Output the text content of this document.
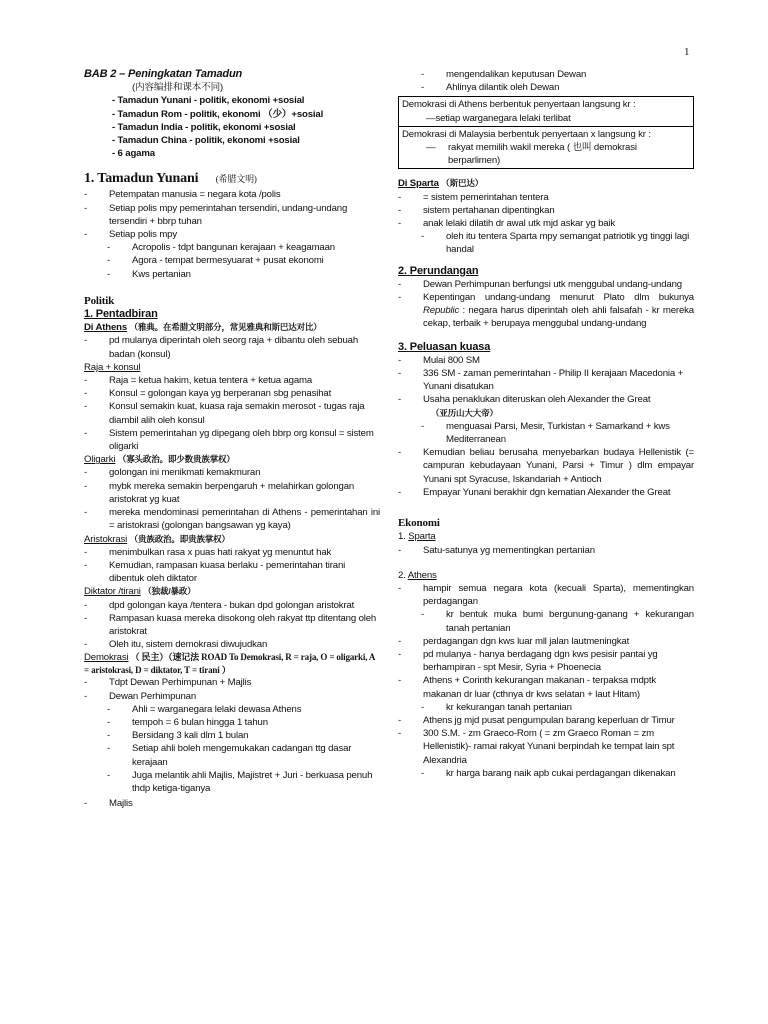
1
BAB 2 – Peningkatan Tamadun
(内容编排和课本不同)
- Tamadun Yunani - politik, ekonomi +sosial
- Tamadun Rom - politik, ekonomi （少）+sosial
- Tamadun India - politik, ekonomi +sosial
- Tamadun China - politik, ekonomi +sosial
- 6 agama
1. Tamadun Yunani (希腊文明)
- Petempatan manusia = negara kota /polis
- Setiap polis mpy pemerintahan tersendiri, undang-undang tersendiri + bbrp tuhan
- Setiap polis mpy
- Acropolis - tdpt bangunan kerajaan + keagamaan
- Agora - tempat bermesyuarat + pusat ekonomi
- Kws pertanian
Politik
1. Pentadbiran
Di Athens （雅典。在希腊文明部分，常见雅典和斯巴达对比）
- pd mulanya diperintah oleh seorg raja + dibantu oleh sebuah badan (konsul)
Raja + konsul
- Raja = ketua hakim, ketua tentera + ketua agama
- Konsul = golongan kaya yg berperanan sbg penasihat
- Konsul semakin kuat, kuasa raja semakin merosot - tugas raja diambil alih oleh konsul
- Sistem pemerintahan yg dipegang oleh bbrp org konsul = sistem oligarki
Oligarki （寡头政治。即少数贵族掌权）
- golongan ini menikmati kemakmuran
- mybk mereka semakin berpengaruh + melahirkan golongan aristokrat yg kuat
- mereka mendominasi pemerintahan di Athens - pemerintahan ini = aristokrasi (golongan bangsawan yg kaya)
Aristokrasi （贵族政治。即贵族掌权）
- menimbulkan rasa x puas hati rakyat yg menuntut hak
- Kemudian, rampasan kuasa berlaku - pemerintahan tirani dibentuk oleh diktator
Diktator /tirani （独裁/暴政）
- dpd golongan kaya /tentera - bukan dpd golongan aristokrat
- Rampasan kuasa mereka disokong oleh rakyat ttp ditentang oleh aristokrat
- Oleh itu, sistem demokrasi diwujudkan
Demokrasi （ 民主）（速记法 ROAD To Demokrasi, R = raja, O = oligarki, A = aristokrasi, D = diktator, T = tirani ）
- Tdpt Dewan Perhimpunan + Majlis
- Dewan Perhimpunan
- Ahli = warganegara lelaki dewasa Athens
- tempoh = 6 bulan hingga 1 tahun
- Bersidang 3 kali dlm 1 bulan
- Setiap ahli boleh mengemukakan cadangan ttg dasar kerajaan
- Juga melantik ahli Majlis, Majistret + Juri - berkuasa penuh thdp ketiga-tiganya
- Majlis
- mengendalikan keputusan Dewan
- Ahlinya dilantik oleh Dewan
Demokrasi di Athens berbentuk penyertaan langsung kr :
—setiap warganegara lelaki terlibat
Demokrasi di Malaysia berbentuk penyertaan x langsung kr :
— rakyat memilih wakil mereka ( 也叫 demokrasi berparlimen)
Di Sparta （斯巴达）
- = sistem pemerintahan tentera
- sistem pertahanan dipentingkan
- anak lelaki dilatih dr awal utk mjd askar yg baik
- oleh itu tentera Sparta mpy semangat patriotik yg tinggi lagi handal
2. Perundangan
- Dewan Perhimpunan berfungsi utk menggubal undang-undang
- Kepentingan undang-undang menurut Plato dlm bukunya Republic : negara harus diperintah oleh ahli falsafah - kr mereka cekap, terbaik + berupaya menggubal undang-undang
3. Peluasan kuasa
- Mulai 800 SM
- 336 SM - zaman pemerintahan - Philip II kerajaan Macedonia + Yunani disatukan
- Usaha penaklukan diteruskan oleh Alexander the Great
（亚历山大大帝）
- menguasai Parsi, Mesir, Turkistan + Samarkand + kws Mediterranean
- Kemudian beliau berusaha menyebarkan budaya Hellenistik (= campuran kebudayaan Yunani, Parsi + Timur ) dlm empayar Yunani spt Syracuse, Iskandariah + Antioch
- Empayar Yunani berakhir dgn kematian Alexander the Great
Ekonomi
1. Sparta
- Satu-satunya yg mementingkan pertanian
2. Athens
- hampir semua negara kota (kecuali Sparta), mementingkan perdagangan
- kr bentuk muka bumi bergunung-ganang + kekurangan tanah pertanian
- perdagangan dgn kws luar mll jalan lautmeningkat
- pd mulanya - hanya berdagang dgn kws pesisir pantai yg berhampiran - spt Mesir, Syria + Phoenecia
- Athens + Corinth kekurangan makanan - terpaksa mdptk makanan dr luar (cthnya dr kws selatan + laut Hitam)
- kr kekurangan tanah pertanian
- Athens jg mjd pusat pengumpulan barang keperluan dr Timur
- 300 S.M. - zm Graeco-Rom ( = zm Graeco Roman = zm Hellenistik)- ramai rakyat Yunani berpindah ke tempat lain spt Alexandria
- kr harga barang naik apb cukai perdagangan dikenakan
